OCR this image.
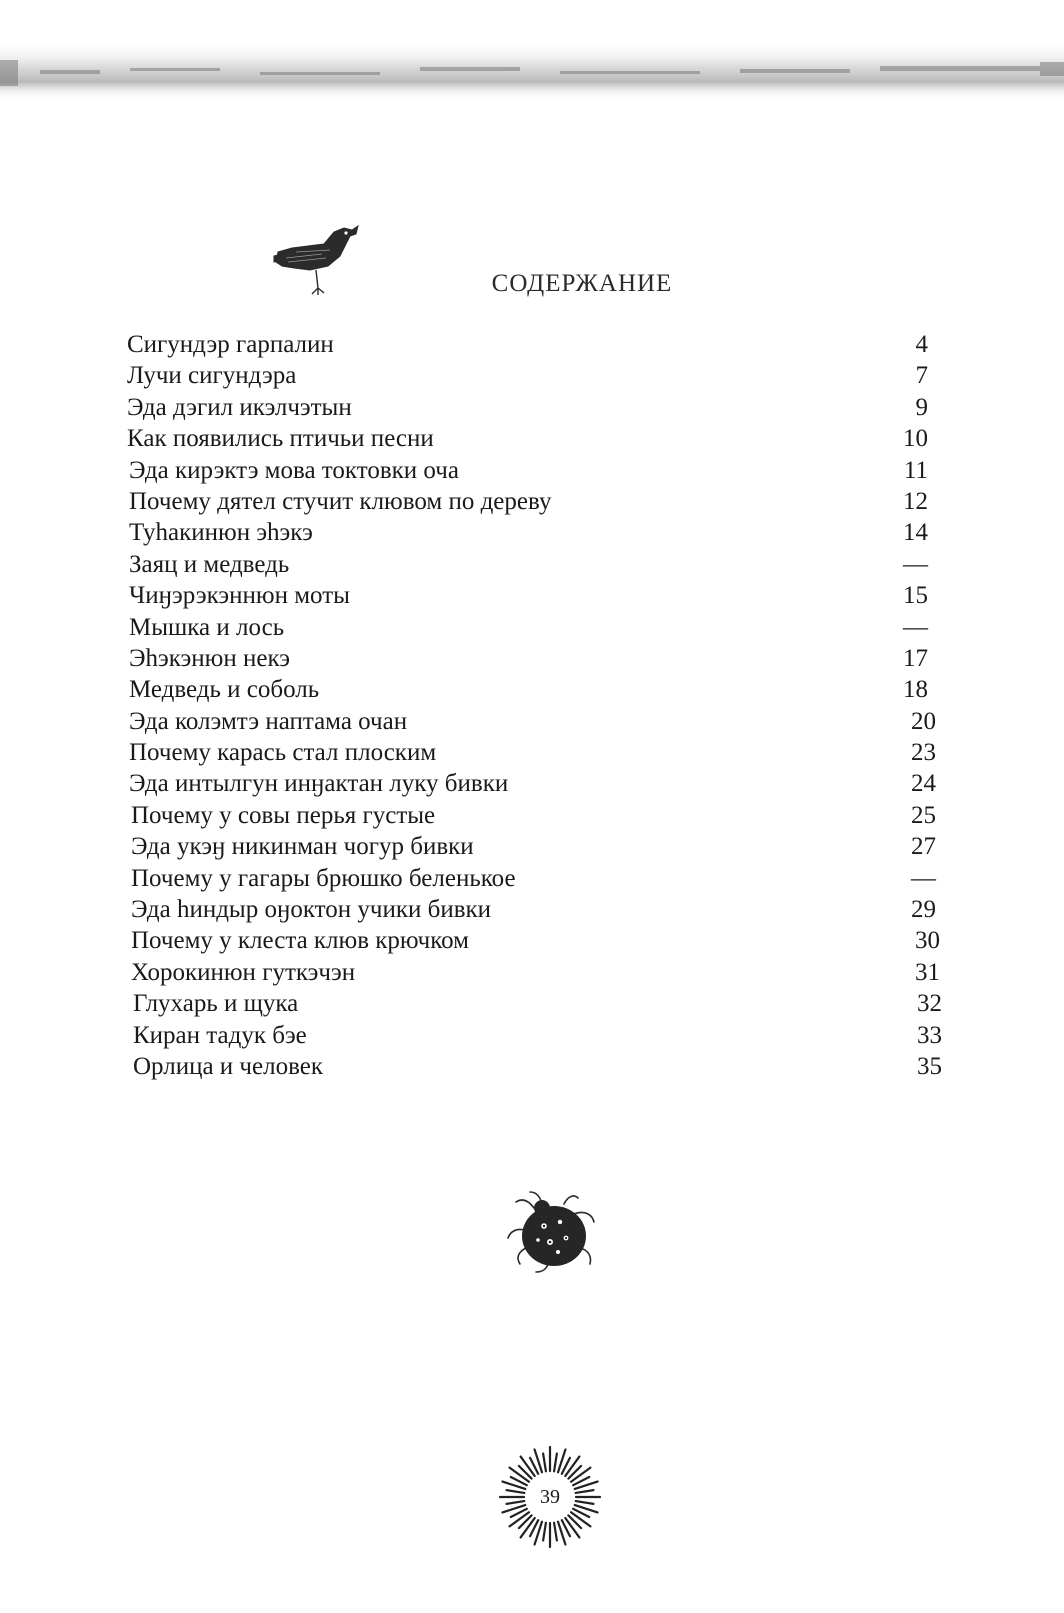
СОДЕРЖАНИЕ
Сигундэр гарпалин	4
Лучи сигундэра	7
Эда дэгил икэлчэтын	9
Как появились птичьи песни	10
Эда кирэктэ мова токтовки оча	11
Почему дятел стучит клювом по дереву	12
Туhакинюн эhэкэ	14
Заяц и медведь	—
Чиӈэрэкэннюн моты	15
Мышка и лось	—
Эhэкэнюн некэ	17
Медведь и соболь	18
Эда колэмтэ наптама очан	20
Почему карась стал плоским	23
Эда интылгун инӈактан луку бивки	24
Почему у совы перья густые	25
Эда укэӈ никинман чогур бивки	27
Почему у гагары брюшко беленькое	—
Эда hиндыр оӈоктон учики бивки	29
Почему у клеста клюв крючком	30
Хорокинюн гуткэчэн	31
Глухарь и щука	32
Киран тадук бэе	33
Орлица и человек	35
39
